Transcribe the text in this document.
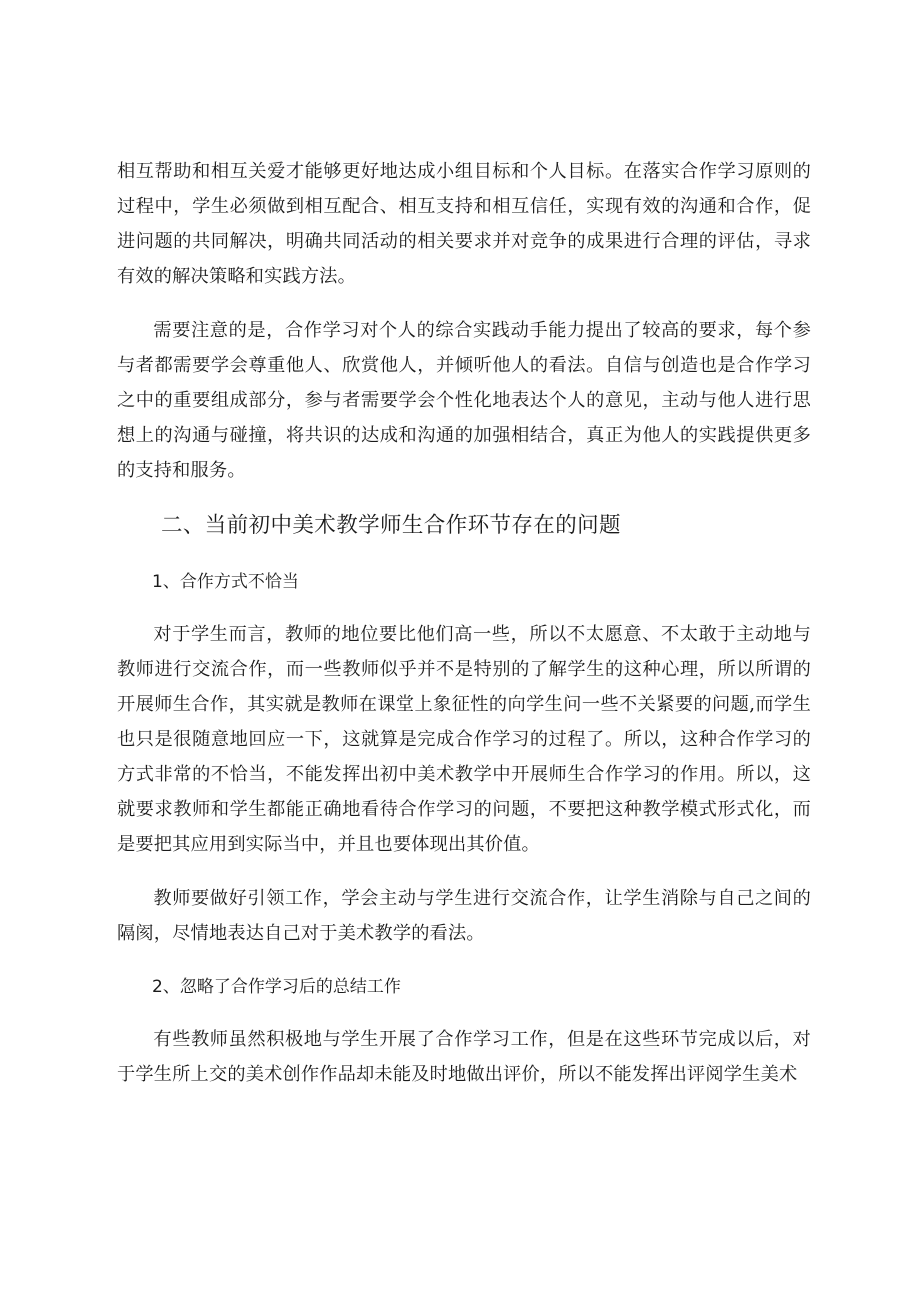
相互帮助和相互关爱才能够更好地达成小组目标和个人目标。在落实合作学习原则的过程中，学生必须做到相互配合、相互支持和相互信任，实现有效的沟通和合作，促进问题的共同解决，明确共同活动的相关要求并对竞争的成果进行合理的评估，寻求有效的解决策略和实践方法。

需要注意的是，合作学习对个人的综合实践动手能力提出了较高的要求，每个参与者都需要学会尊重他人、欣赏他人，并倾听他人的看法。自信与创造也是合作学习之中的重要组成部分，参与者需要学会个性化地表达个人的意见，主动与他人进行思想上的沟通与碰撞，将共识的达成和沟通的加强相结合，真正为他人的实践提供更多的支持和服务。

二、当前初中美术教学师生合作环节存在的问题
1、合作方式不恰当

对于学生而言，教师的地位要比他们高一些，所以不太愿意、不太敢于主动地与教师进行交流合作，而一些教师似乎并不是特别的了解学生的这种心理，所以所谓的开展师生合作，其实就是教师在课堂上象征性的向学生问一些不关紧要的问题,而学生也只是很随意地回应一下，这就算是完成合作学习的过程了。所以，这种合作学习的方式非常的不恰当，不能发挥出初中美术教学中开展师生合作学习的作用。所以，这就要求教师和学生都能正确地看待合作学习的问题，不要把这种教学模式形式化，而是要把其应用到实际当中，并且也要体现出其价值。

教师要做好引领工作，学会主动与学生进行交流合作，让学生消除与自己之间的隔阂，尽情地表达自己对于美术教学的看法。

2、忽略了合作学习后的总结工作

有些教师虽然积极地与学生开展了合作学习工作，但是在这些环节完成以后，对于学生所上交的美术创作作品却未能及时地做出评价，所以不能发挥出评阅学生美术
